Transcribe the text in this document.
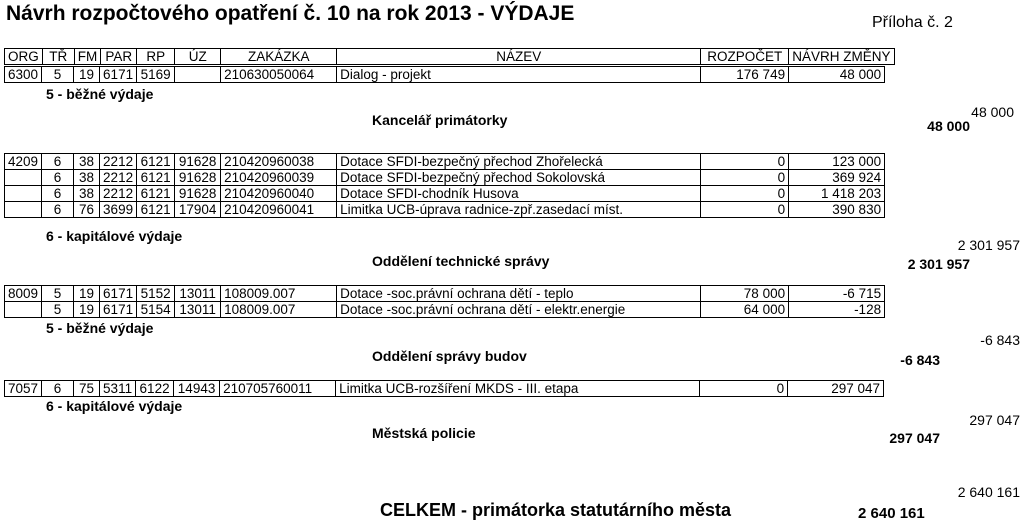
Návrh rozpočtového opatření č. 10 na rok 2013 - VÝDAJE	Příloha č. 2
ORG	TŘ	FM	PAR	RP	ÚZ	ZAKÁZKA	NÁZEV	ROZPOČET	NÁVRH ZMĚNY
6300	5	19	6171	5169		210630050064	Dialog - projekt	176 749	48 000
5 - běžné výdaje
Kancelář primátorky	48 000
48 000
4209	6	38	2212	6121	91628	210420960038	Dotace SFDI-bezpečný přechod Zhořelecká	0	123 000
	6	38	2212	6121	91628	210420960039	Dotace SFDI-bezpečný přechod Sokolovská	0	369 924
	6	38	2212	6121	91628	210420960040	Dotace SFDI-chodník Husova	0	1 418 203
	6	76	3699	6121	17904	210420960041	Limitka UCB-úprava radnice-zpř.zasedací míst.	0	390 830
6 - kapitálové výdaje
Oddělení technické správy	2 301 957
2 301 957
8009	5	19	6171	5152	13011	108009.007	Dotace -soc.právní ochrana dětí - teplo	78 000	-6 715
	5	19	6171	5154	13011	108009.007	Dotace -soc.právní ochrana dětí - elektr.energie	64 000	-128
5 - běžné výdaje
Oddělení správy budov	-6 843
-6 843
7057	6	75	5311	6122	14943	210705760011	Limitka UCB-rozšíření MKDS - III. etapa	0	297 047
6 - kapitálové výdaje
Městská policie	297 047
297 047
CELKEM - primátorka statutárního města	2 640 161
2 640 161
